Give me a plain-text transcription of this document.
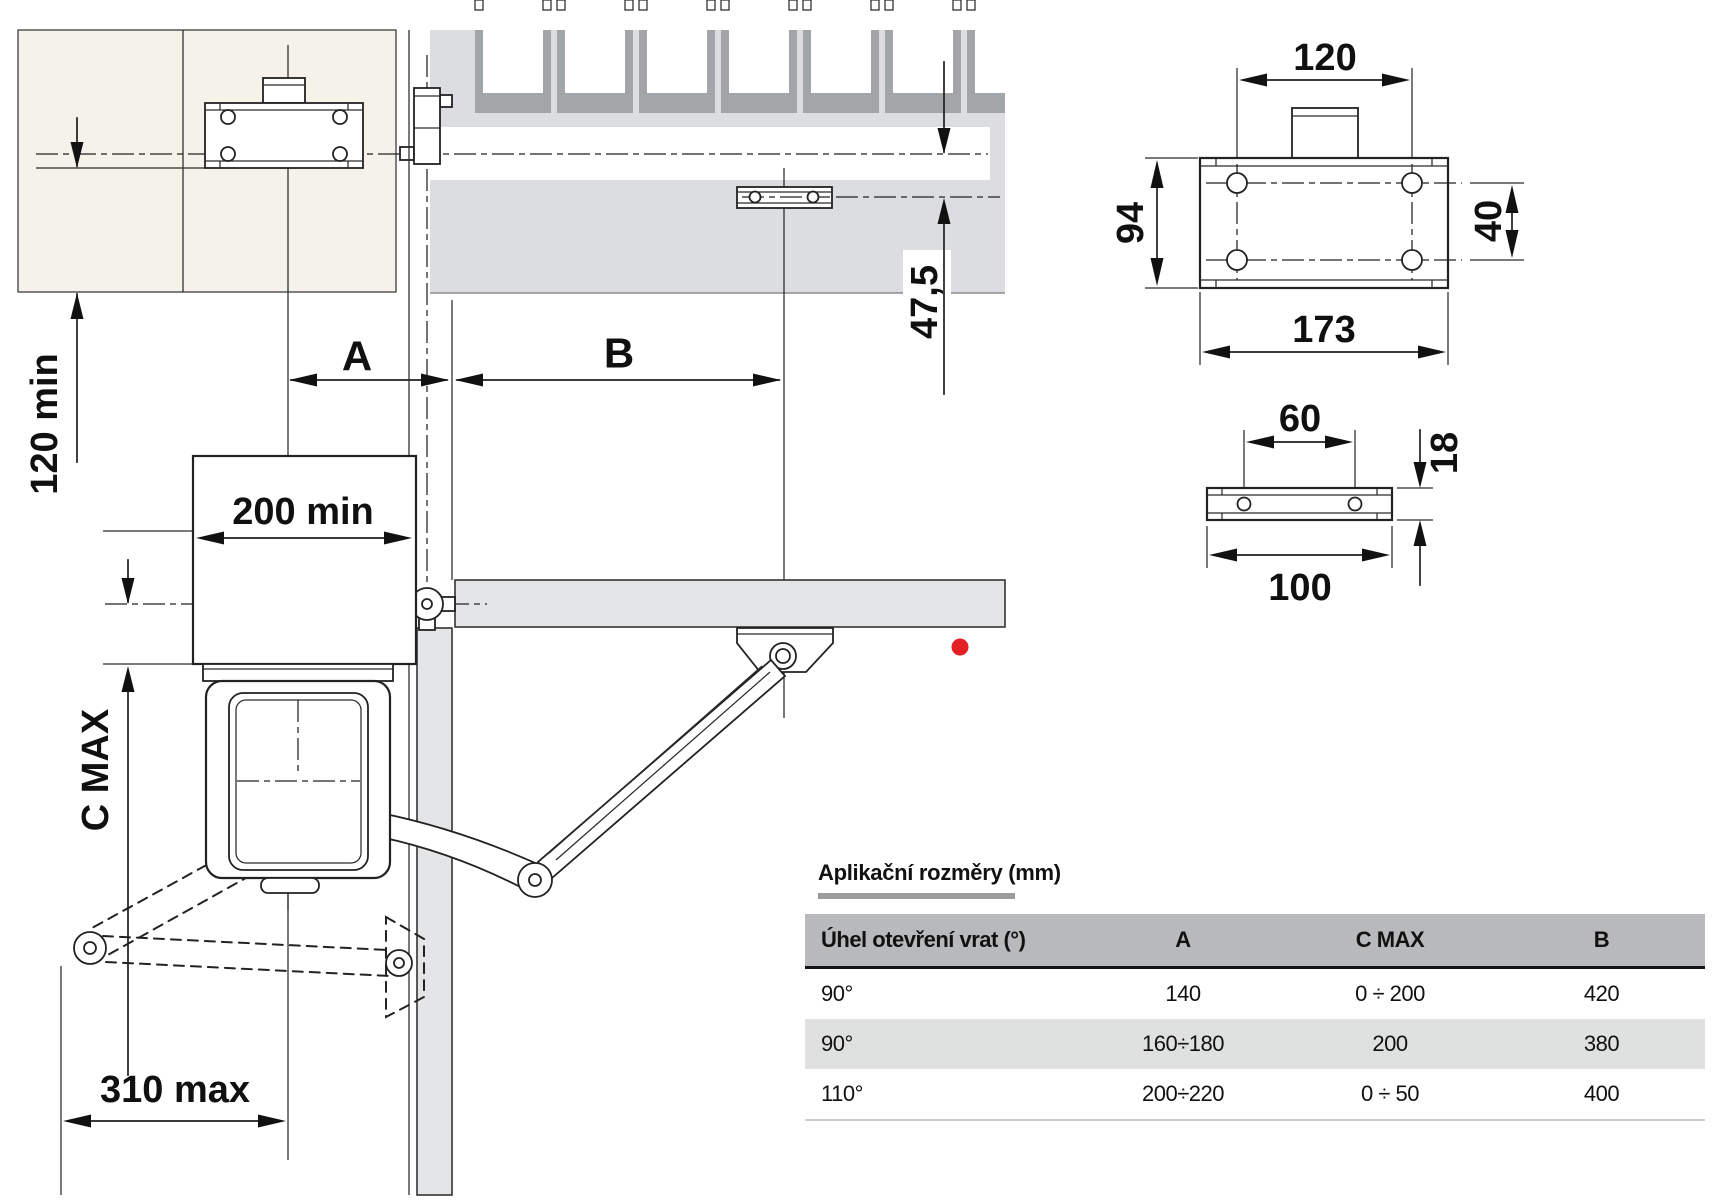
120 min
47,5
A	B
200 min
C MAX
310 max
120
94	40
173
60
18
100
Aplikační rozměry (mm)
Úhel otevření vrat (°)	A	C MAX	B
90°	140	0 ÷ 200	420
90°	160÷180	200	380
110°	200÷220	0 ÷ 50	400
